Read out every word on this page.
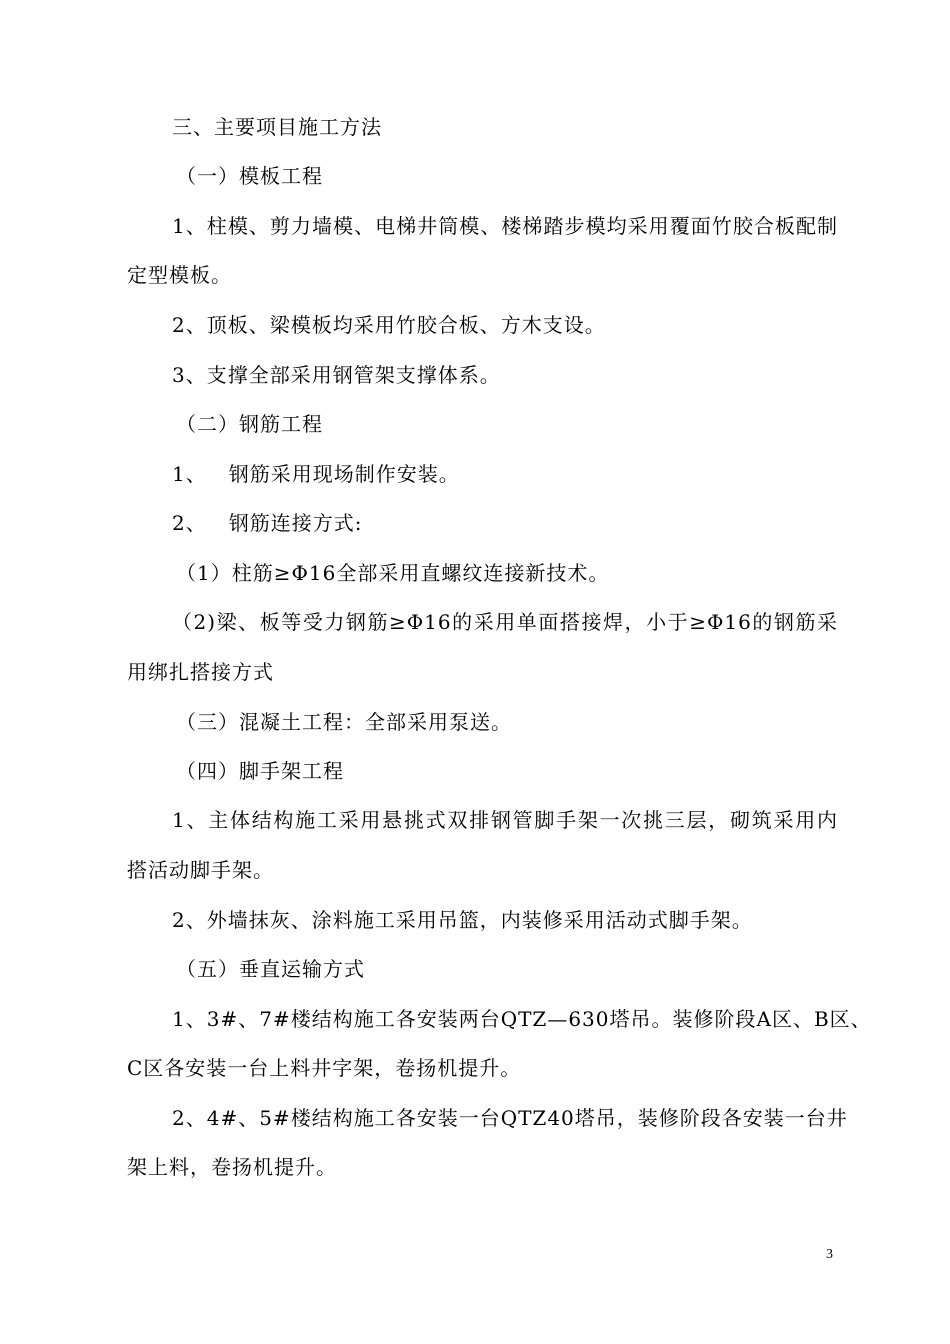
三、主要项目施工方法
（一）模板工程
1、柱模、剪力墙模、电梯井筒模、楼梯踏步模均采用覆面竹胶合板配制
定型模板。
2、顶板、梁模板均采用竹胶合板、方木支设。
3、支撑全部采用钢管架支撑体系。
（二）钢筋工程
1、   钢筋采用现场制作安装。
2、   钢筋连接方式:
（1）柱筋≥Φ16全部采用直螺纹连接新技术。
（2)梁、板等受力钢筋≥Φ16的采用单面搭接焊，小于≥Φ16的钢筋采
用绑扎搭接方式
（三）混凝土工程：全部采用泵送。
（四）脚手架工程
1、主体结构施工采用悬挑式双排钢管脚手架一次挑三层，砌筑采用内
搭活动脚手架。
2、外墙抹灰、涂料施工采用吊篮，内装修采用活动式脚手架。
（五）垂直运输方式
1、3#、7#楼结构施工各安装两台QTZ—630塔吊。装修阶段A区、B区、
C区各安装一台上料井字架，卷扬机提升。
2、4#、5#楼结构施工各安装一台QTZ40塔吊，装修阶段各安装一台井
架上料，卷扬机提升。
3
